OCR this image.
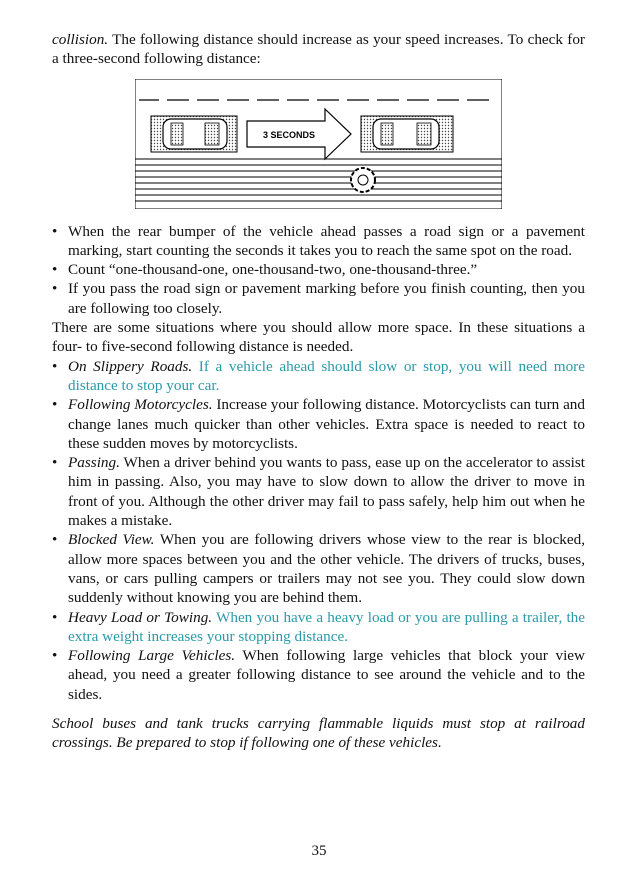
collision. The following distance should increase as your speed increases. To check for a three-second following distance:

3 SECONDS
• When the rear bumper of the vehicle ahead passes a road sign or a pavement marking, start counting the seconds it takes you to reach the same spot on the road.
• Count “one-thousand-one, one-thousand-two, one-thousand-three.”
• If you pass the road sign or pavement marking before you finish counting, then you are following too closely.

There are some situations where you should allow more space. In these situations a four- to five-second following distance is needed.

• On Slippery Roads. If a vehicle ahead should slow or stop, you will need more distance to stop your car.
• Following Motorcycles. Increase your following distance. Motorcyclists can turn and change lanes much quicker than other vehicles. Extra space is needed to react to these sudden moves by motorcyclists.
• Passing. When a driver behind you wants to pass, ease up on the accelerator to assist him in passing. Also, you may have to slow down to allow the driver to move in front of you. Although the other driver may fail to pass safely, help him out when he makes a mistake.
• Blocked View. When you are following drivers whose view to the rear is blocked, allow more spaces between you and the other vehicle. The drivers of trucks, buses, vans, or cars pulling campers or trailers may not see you. They could slow down suddenly without knowing you are behind them.
• Heavy Load or Towing. When you have a heavy load or you are pulling a trailer, the extra weight increases your stopping distance.
• Following Large Vehicles. When following large vehicles that block your view ahead, you need a greater following distance to see around the vehicle and to the sides.

School buses and tank trucks carrying flammable liquids must stop at railroad crossings. Be prepared to stop if following one of these vehicles.

35
